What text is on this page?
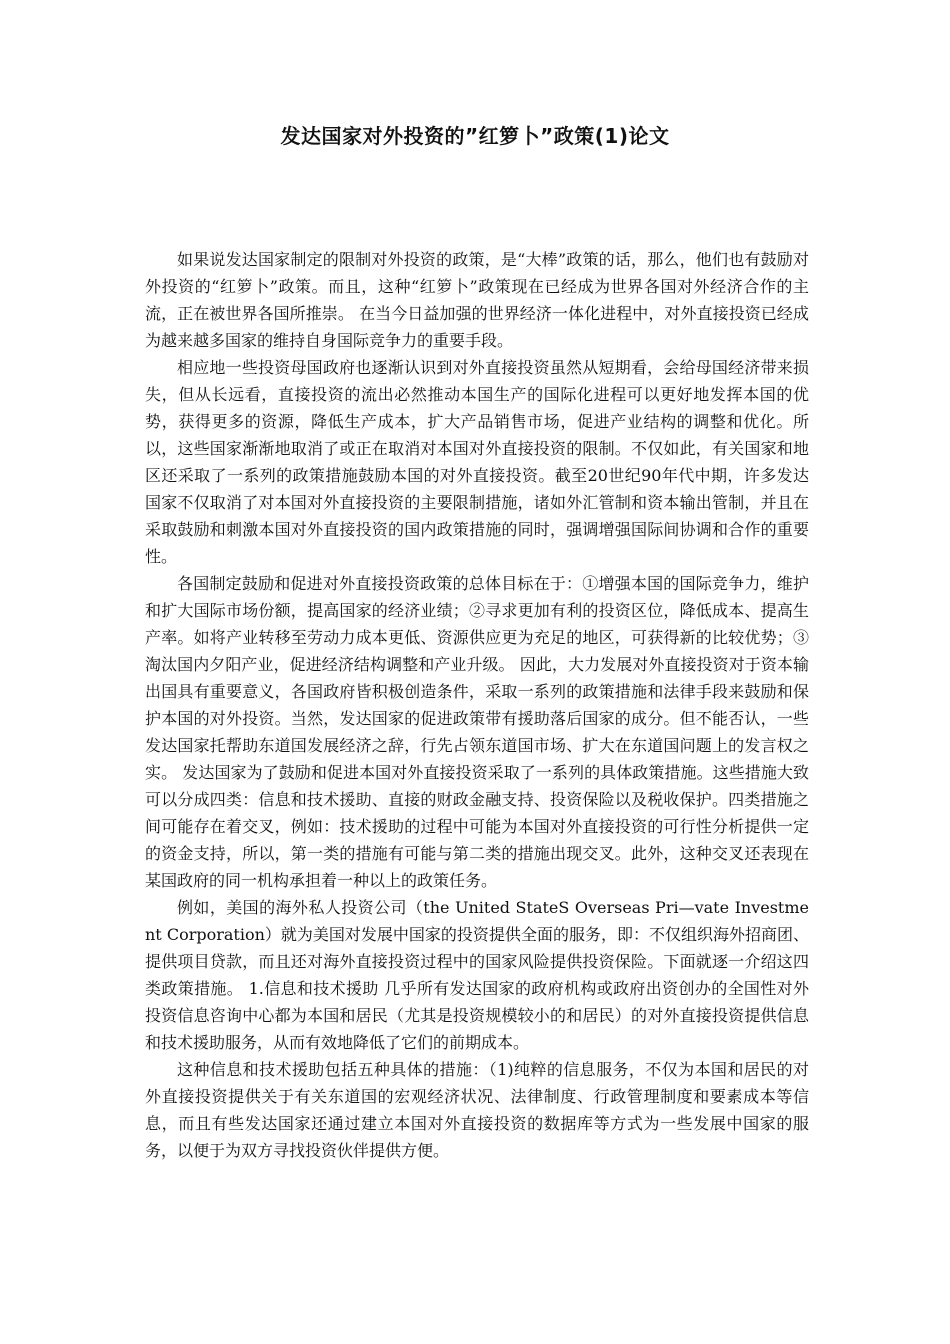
发达国家对外投资的”红箩卜”政策(1)论文

如果说发达国家制定的限制对外投资的政策，是“大棒”政策的话，那么，他们也有鼓励对外投资的“红箩卜”政策。而且，这种“红箩卜”政策现在已经成为世界各国对外经济合作的主流，正在被世界各国所推崇。 在当今日益加强的世界经济一体化进程中，对外直接投资已经成为越来越多国家的维持自身国际竞争力的重要手段。

相应地一些投资母国政府也逐渐认识到对外直接投资虽然从短期看，会给母国经济带来损失，但从长远看，直接投资的流出必然推动本国生产的国际化进程可以更好地发挥本国的优势，获得更多的资源，降低生产成本，扩大产品销售市场，促进产业结构的调整和优化。所以，这些国家渐渐地取消了或正在取消对本国对外直接投资的限制。不仅如此，有关国家和地区还采取了一系列的政策措施鼓励本国的对外直接投资。截至20世纪90年代中期，许多发达国家不仅取消了对本国对外直接投资的主要限制措施，诸如外汇管制和资本输出管制，并且在采取鼓励和刺激本国对外直接投资的国内政策措施的同时，强调增强国际间协调和合作的重要性。

各国制定鼓励和促进对外直接投资政策的总体目标在于：①增强本国的国际竞争力，维护和扩大国际市场份额，提高国家的经济业绩；②寻求更加有利的投资区位，降低成本、提高生产率。如将产业转移至劳动力成本更低、资源供应更为充足的地区，可获得新的比较优势；③淘汰国内夕阳产业，促进经济结构调整和产业升级。 因此，大力发展对外直接投资对于资本输出国具有重要意义，各国政府皆积极创造条件，采取一系列的政策措施和法律手段来鼓励和保护本国的对外投资。当然，发达国家的促进政策带有援助落后国家的成分。但不能否认，一些发达国家托帮助东道国发展经济之辞，行先占领东道国市场、扩大在东道国问题上的发言权之实。 发达国家为了鼓励和促进本国对外直接投资采取了一系列的具体政策措施。这些措施大致可以分成四类：信息和技术援助、直接的财政金融支持、投资保险以及税收保护。四类措施之间可能存在着交叉，例如：技术援助的过程中可能为本国对外直接投资的可行性分析提供一定的资金支持，所以，第一类的措施有可能与第二类的措施出现交叉。此外，这种交叉还表现在某国政府的同一机构承担着一种以上的政策任务。

例如，美国的海外私人投资公司（the United StateS Overseas Pri—vate Investment Corporation）就为美国对发展中国家的投资提供全面的服务，即：不仅组织海外招商团、提供项目贷款，而且还对海外直接投资过程中的国家风险提供投资保险。下面就逐一介绍这四类政策措施。 1.信息和技术援助 几乎所有发达国家的政府机构或政府出资创办的全国性对外投资信息咨询中心都为本国和居民（尤其是投资规模较小的和居民）的对外直接投资提供信息和技术援助服务，从而有效地降低了它们的前期成本。

这种信息和技术援助包括五种具体的措施：（1)纯粹的信息服务，不仅为本国和居民的对外直接投资提供关于有关东道国的宏观经济状况、法律制度、行政管理制度和要素成本等信息，而且有些发达国家还通过建立本国对外直接投资的数据库等方式为一些发展中国家的服务，以便于为双方寻找投资伙伴提供方便。
